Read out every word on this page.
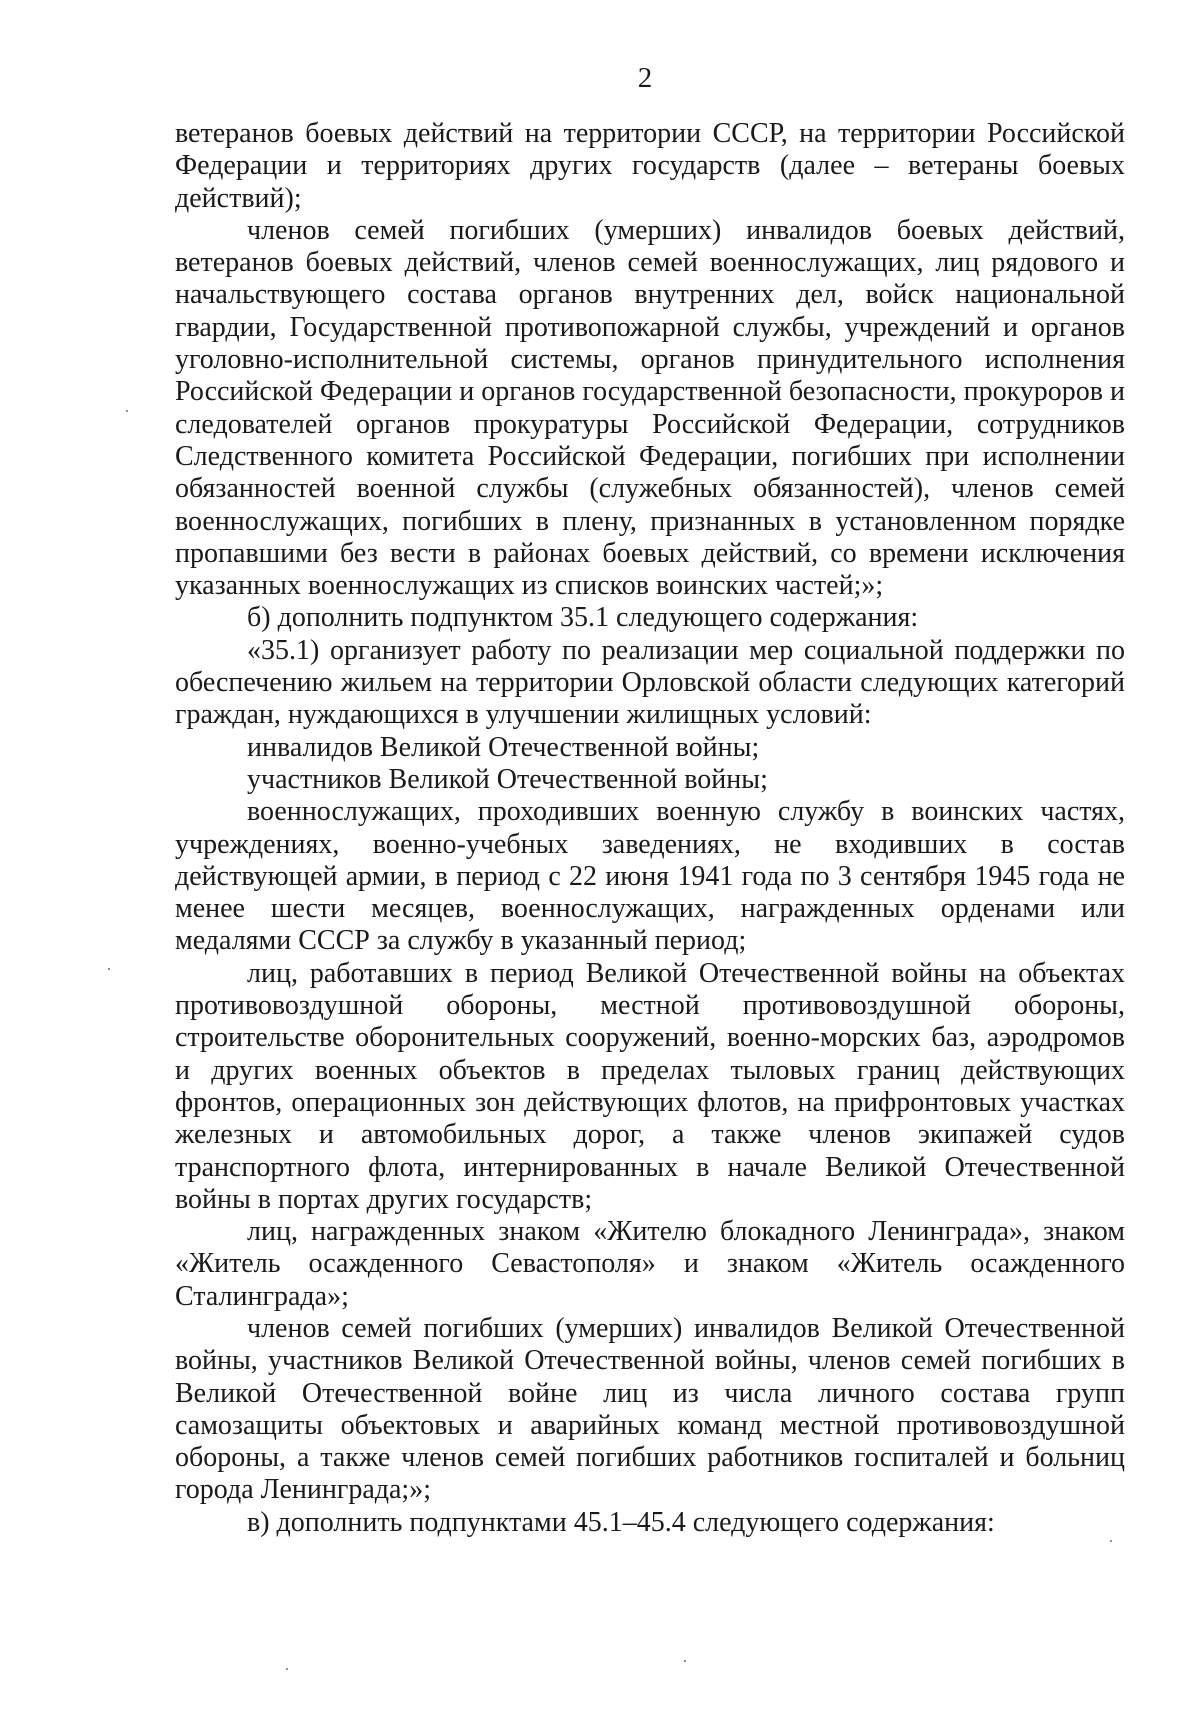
2

ветеранов боевых действий на территории СССР, на территории Российской Федерации и территориях других государств (далее – ветераны боевых действий);

членов семей погибших (умерших) инвалидов боевых действий, ветеранов боевых действий, членов семей военнослужащих, лиц рядового и начальствующего состава органов внутренних дел, войск национальной гвардии, Государственной противопожарной службы, учреждений и органов уголовно-исполнительной системы, органов принудительного исполнения Российской Федерации и органов государственной безопасности, прокуроров и следователей органов прокуратуры Российской Федерации, сотрудников Следственного комитета Российской Федерации, погибших при исполнении обязанностей военной службы (служебных обязанностей), членов семей военнослужащих, погибших в плену, признанных в установленном порядке пропавшими без вести в районах боевых действий, со времени исключения указанных военнослужащих из списков воинских частей;»;

б) дополнить подпунктом 35.1 следующего содержания:

«35.1) организует работу по реализации мер социальной поддержки по обеспечению жильем на территории Орловской области следующих категорий граждан, нуждающихся в улучшении жилищных условий:

инвалидов Великой Отечественной войны;

участников Великой Отечественной войны;

военнослужащих, проходивших военную службу в воинских частях, учреждениях, военно-учебных заведениях, не входивших в состав действующей армии, в период с 22 июня 1941 года по 3 сентября 1945 года не менее шести месяцев, военнослужащих, награжденных орденами или медалями СССР за службу в указанный период;

лиц, работавших в период Великой Отечественной войны на объектах противовоздушной обороны, местной противовоздушной обороны, строительстве оборонительных сооружений, военно-морских баз, аэродромов и других военных объектов в пределах тыловых границ действующих фронтов, операционных зон действующих флотов, на прифронтовых участках железных и автомобильных дорог, а также членов экипажей судов транспортного флота, интернированных в начале Великой Отечественной войны в портах других государств;

лиц, награжденных знаком «Жителю блокадного Ленинграда», знаком «Житель осажденного Севастополя» и знаком «Житель осажденного Сталинграда»;

членов семей погибших (умерших) инвалидов Великой Отечественной войны, участников Великой Отечественной войны, членов семей погибших в Великой Отечественной войне лиц из числа личного состава групп самозащиты объектовых и аварийных команд местной противовоздушной обороны, а также членов семей погибших работников госпиталей и больниц города Ленинграда;»;

в) дополнить подпунктами 45.1–45.4 следующего содержания:
